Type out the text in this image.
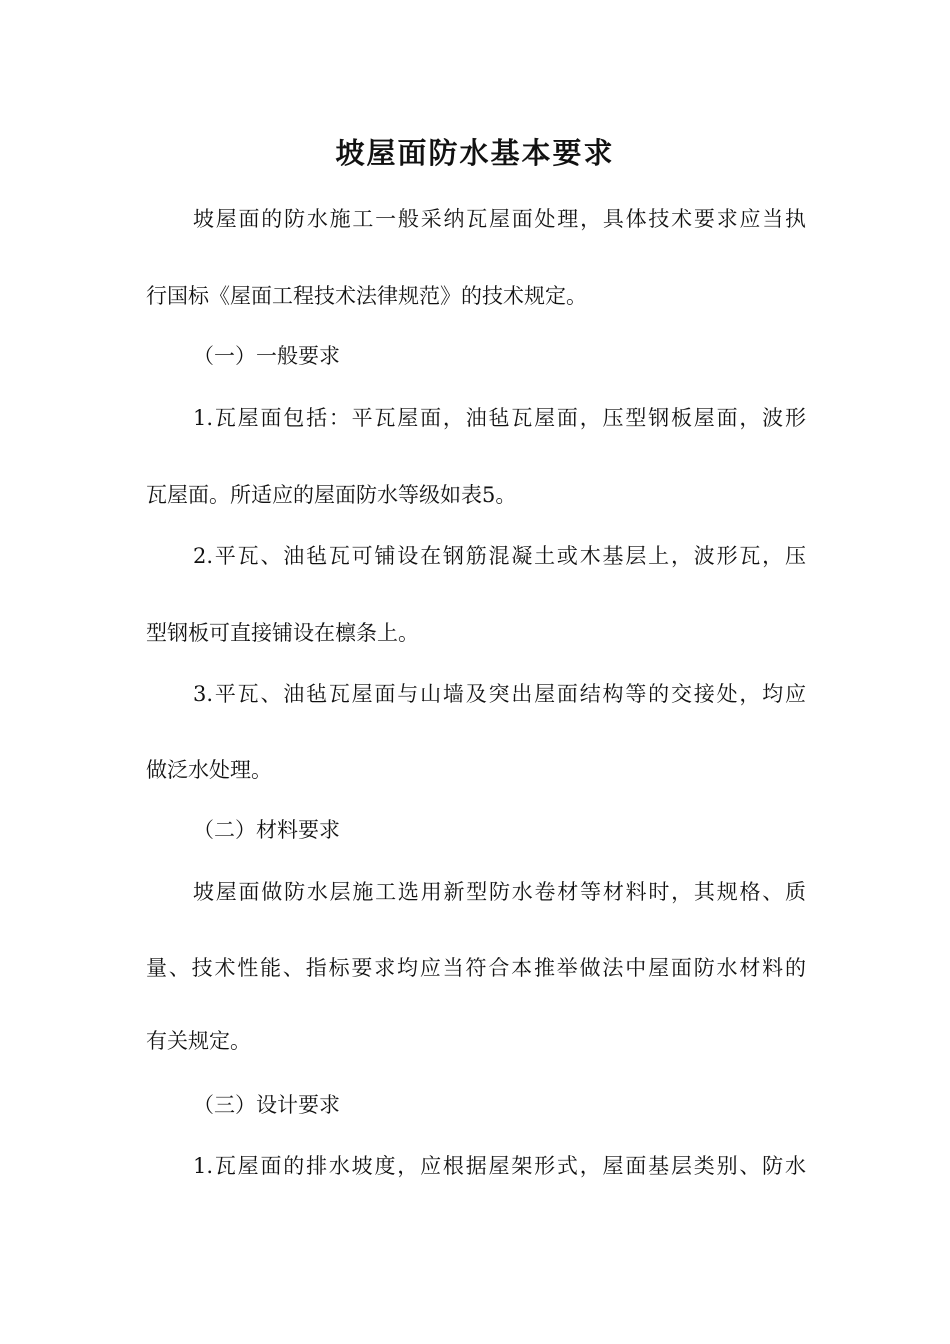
坡屋面防水基本要求
坡屋面的防水施工一般采纳瓦屋面处理，具体技术要求应当执
行国标《屋面工程技术法律规范》的技术规定。
（一）一般要求
1.瓦屋面包括：平瓦屋面，油毡瓦屋面，压型钢板屋面，波形
瓦屋面。所适应的屋面防水等级如表5。
2.平瓦、油毡瓦可铺设在钢筋混凝土或木基层上，波形瓦，压
型钢板可直接铺设在檩条上。
3.平瓦、油毡瓦屋面与山墙及突出屋面结构等的交接处，均应
做泛水处理。
（二）材料要求
坡屋面做防水层施工选用新型防水卷材等材料时，其规格、质
量、技术性能、指标要求均应当符合本推举做法中屋面防水材料的
有关规定。
（三）设计要求
1.瓦屋面的排水坡度，应根据屋架形式，屋面基层类别、防水
